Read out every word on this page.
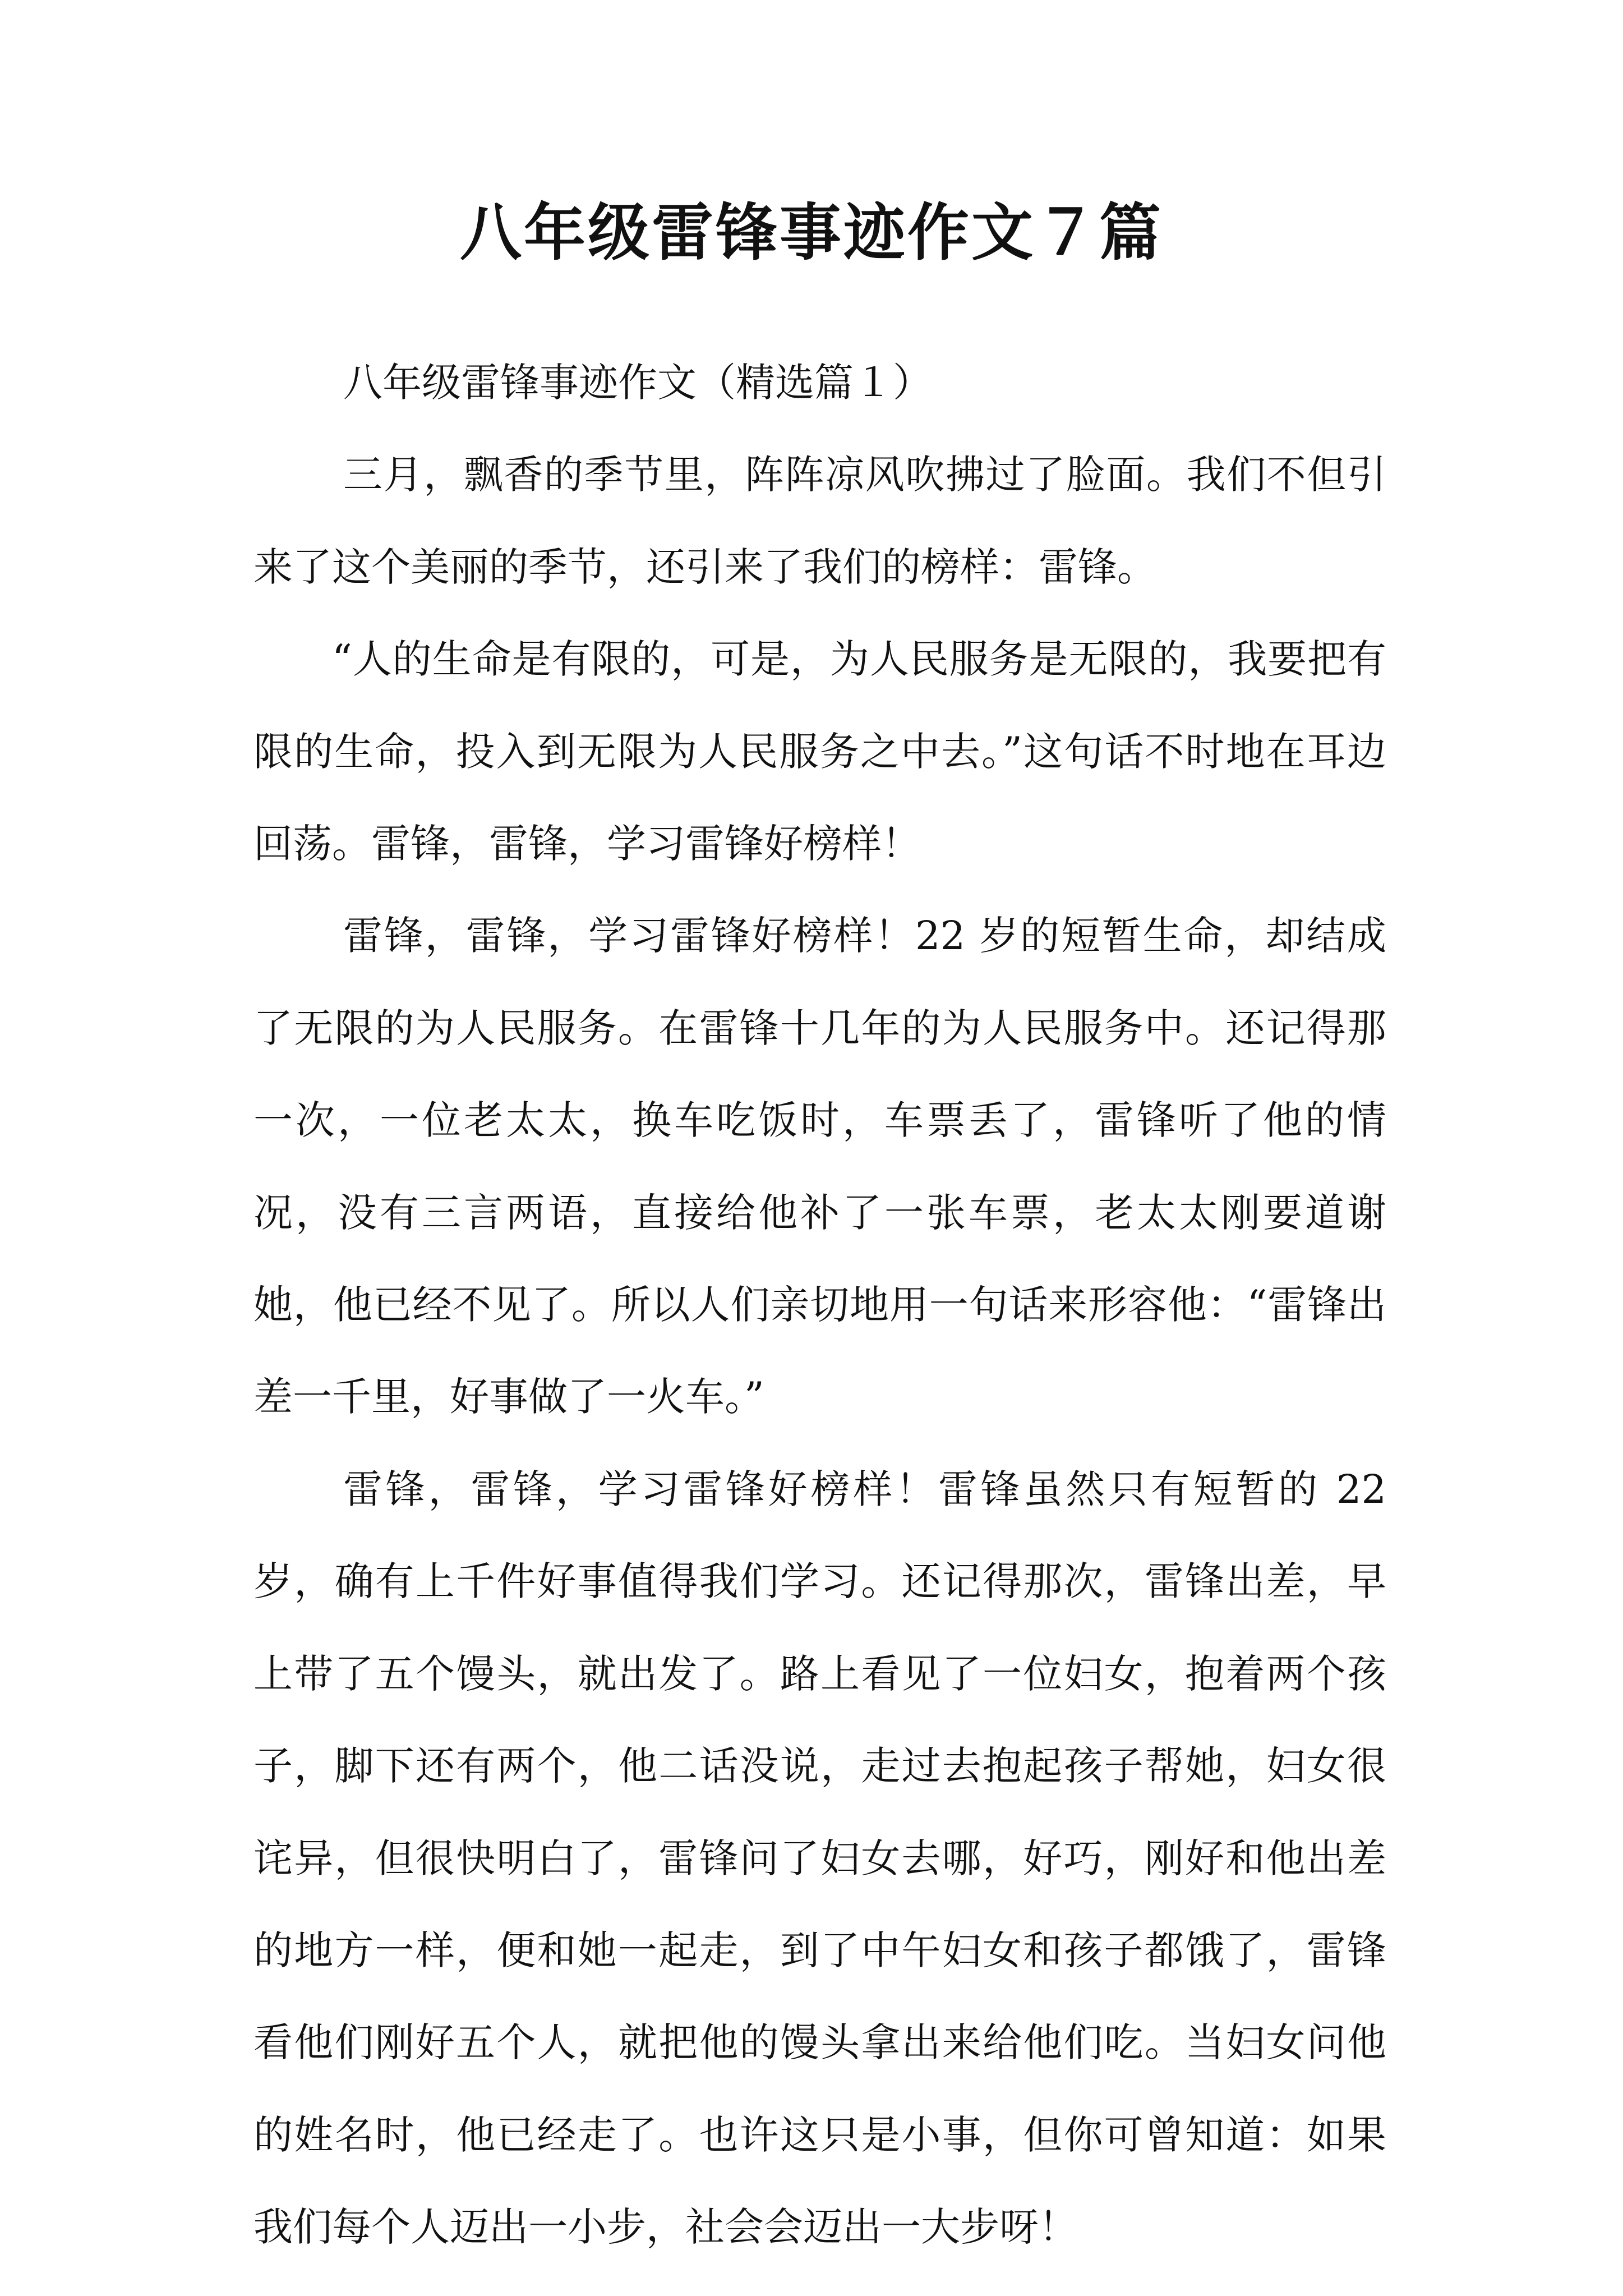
八年级雷锋事迹作文７篇

八年级雷锋事迹作文（精选篇１）

三月，飘香的季节里，阵阵凉风吹拂过了脸面。我们不但引来了这个美丽的季节，还引来了我们的榜样：雷锋。

“人的生命是有限的，可是，为人民服务是无限的，我要把有限的生命，投入到无限为人民服务之中去。”这句话不时地在耳边回荡。雷锋，雷锋，学习雷锋好榜样！

雷锋，雷锋，学习雷锋好榜样！22 岁的短暂生命，却结成了无限的为人民服务。在雷锋十几年的为人民服务中。还记得那一次，一位老太太，换车吃饭时，车票丢了，雷锋听了他的情况，没有三言两语，直接给他补了一张车票，老太太刚要道谢她，他已经不见了。所以人们亲切地用一句话来形容他：“雷锋出差一千里，好事做了一火车。”

雷锋，雷锋，学习雷锋好榜样！雷锋虽然只有短暂的 22 岁，确有上千件好事值得我们学习。还记得那次，雷锋出差，早上带了五个馒头，就出发了。路上看见了一位妇女，抱着两个孩子，脚下还有两个，他二话没说，走过去抱起孩子帮她，妇女很诧异，但很快明白了，雷锋问了妇女去哪，好巧，刚好和他出差的地方一样，便和她一起走，到了中午妇女和孩子都饿了，雷锋看他们刚好五个人，就把他的馒头拿出来给他们吃。当妇女问他的姓名时，他已经走了。也许这只是小事，但你可曾知道：如果我们每个人迈出一小步，社会会迈出一大步呀！
